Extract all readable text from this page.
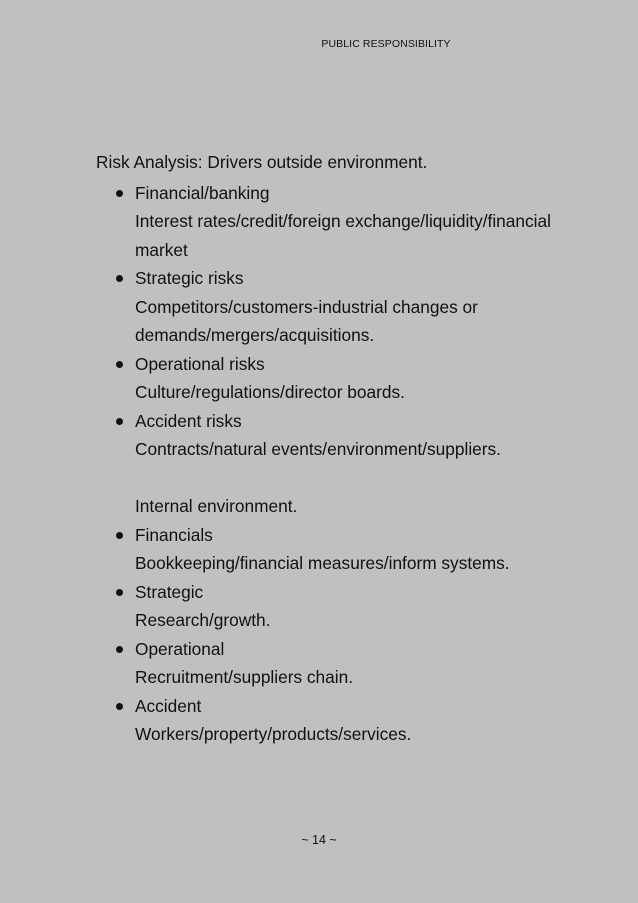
PUBLIC RESPONSIBILITY
Risk Analysis: Drivers outside environment.
Financial/banking
Interest rates/credit/foreign exchange/liquidity/financial market
Strategic risks
Competitors/customers-industrial changes or demands/mergers/acquisitions.
Operational risks
Culture/regulations/director boards.
Accident risks
Contracts/natural events/environment/suppliers.
Internal environment.
Financials
Bookkeeping/financial measures/inform systems.
Strategic
Research/growth.
Operational
Recruitment/suppliers chain.
Accident
Workers/property/products/services.
~ 14 ~
